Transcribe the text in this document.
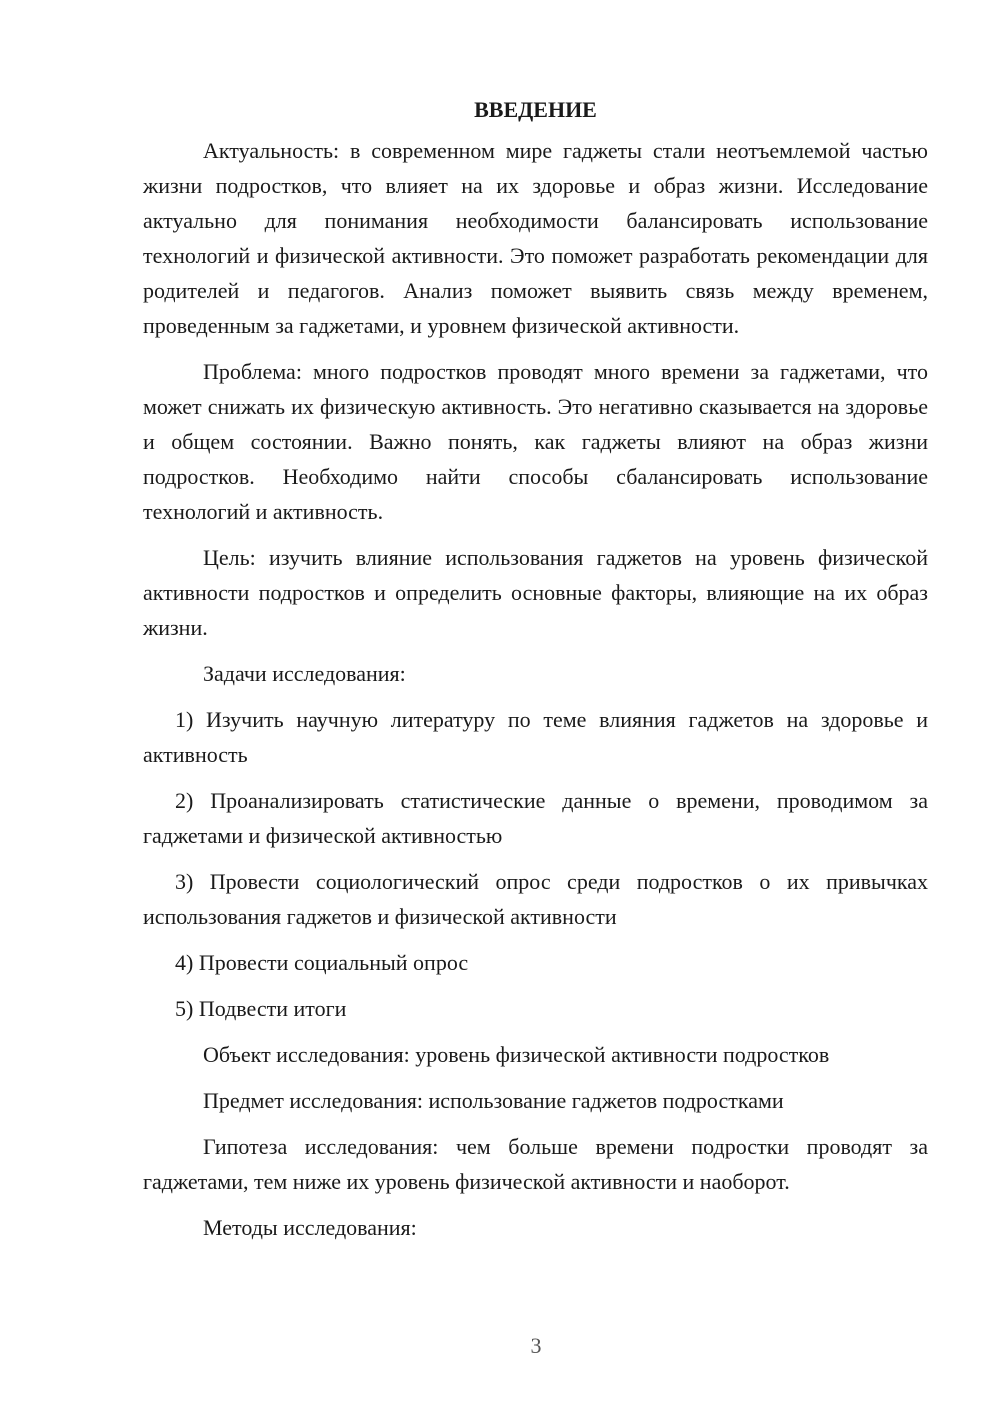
ВВЕДЕНИЕ

Актуальность: в современном мире гаджеты стали неотъемлемой частью жизни подростков, что влияет на их здоровье и образ жизни. Исследование актуально для понимания необходимости балансировать использование технологий и физической активности. Это поможет разработать рекомендации для родителей и педагогов. Анализ поможет выявить связь между временем, проведенным за гаджетами, и уровнем физической активности.

Проблема: много подростков проводят много времени за гаджетами, что может снижать их физическую активность. Это негативно сказывается на здоровье и общем состоянии. Важно понять, как гаджеты влияют на образ жизни подростков. Необходимо найти способы сбалансировать использование технологий и активность.

Цель: изучить влияние использования гаджетов на уровень физической активности подростков и определить основные факторы, влияющие на их образ жизни.

Задачи исследования:

1) Изучить научную литературу по теме влияния гаджетов на здоровье и активность

2) Проанализировать статистические данные о времени, проводимом за гаджетами и физической активностью

3) Провести социологический опрос среди подростков о их привычках использования гаджетов и физической активности

4) Провести социальный опрос

5) Подвести итоги

Объект исследования: уровень физической активности подростков

Предмет исследования: использование гаджетов подростками

Гипотеза исследования: чем больше времени подростки проводят за гаджетами, тем ниже их уровень физической активности и наоборот.

Методы исследования:

3
